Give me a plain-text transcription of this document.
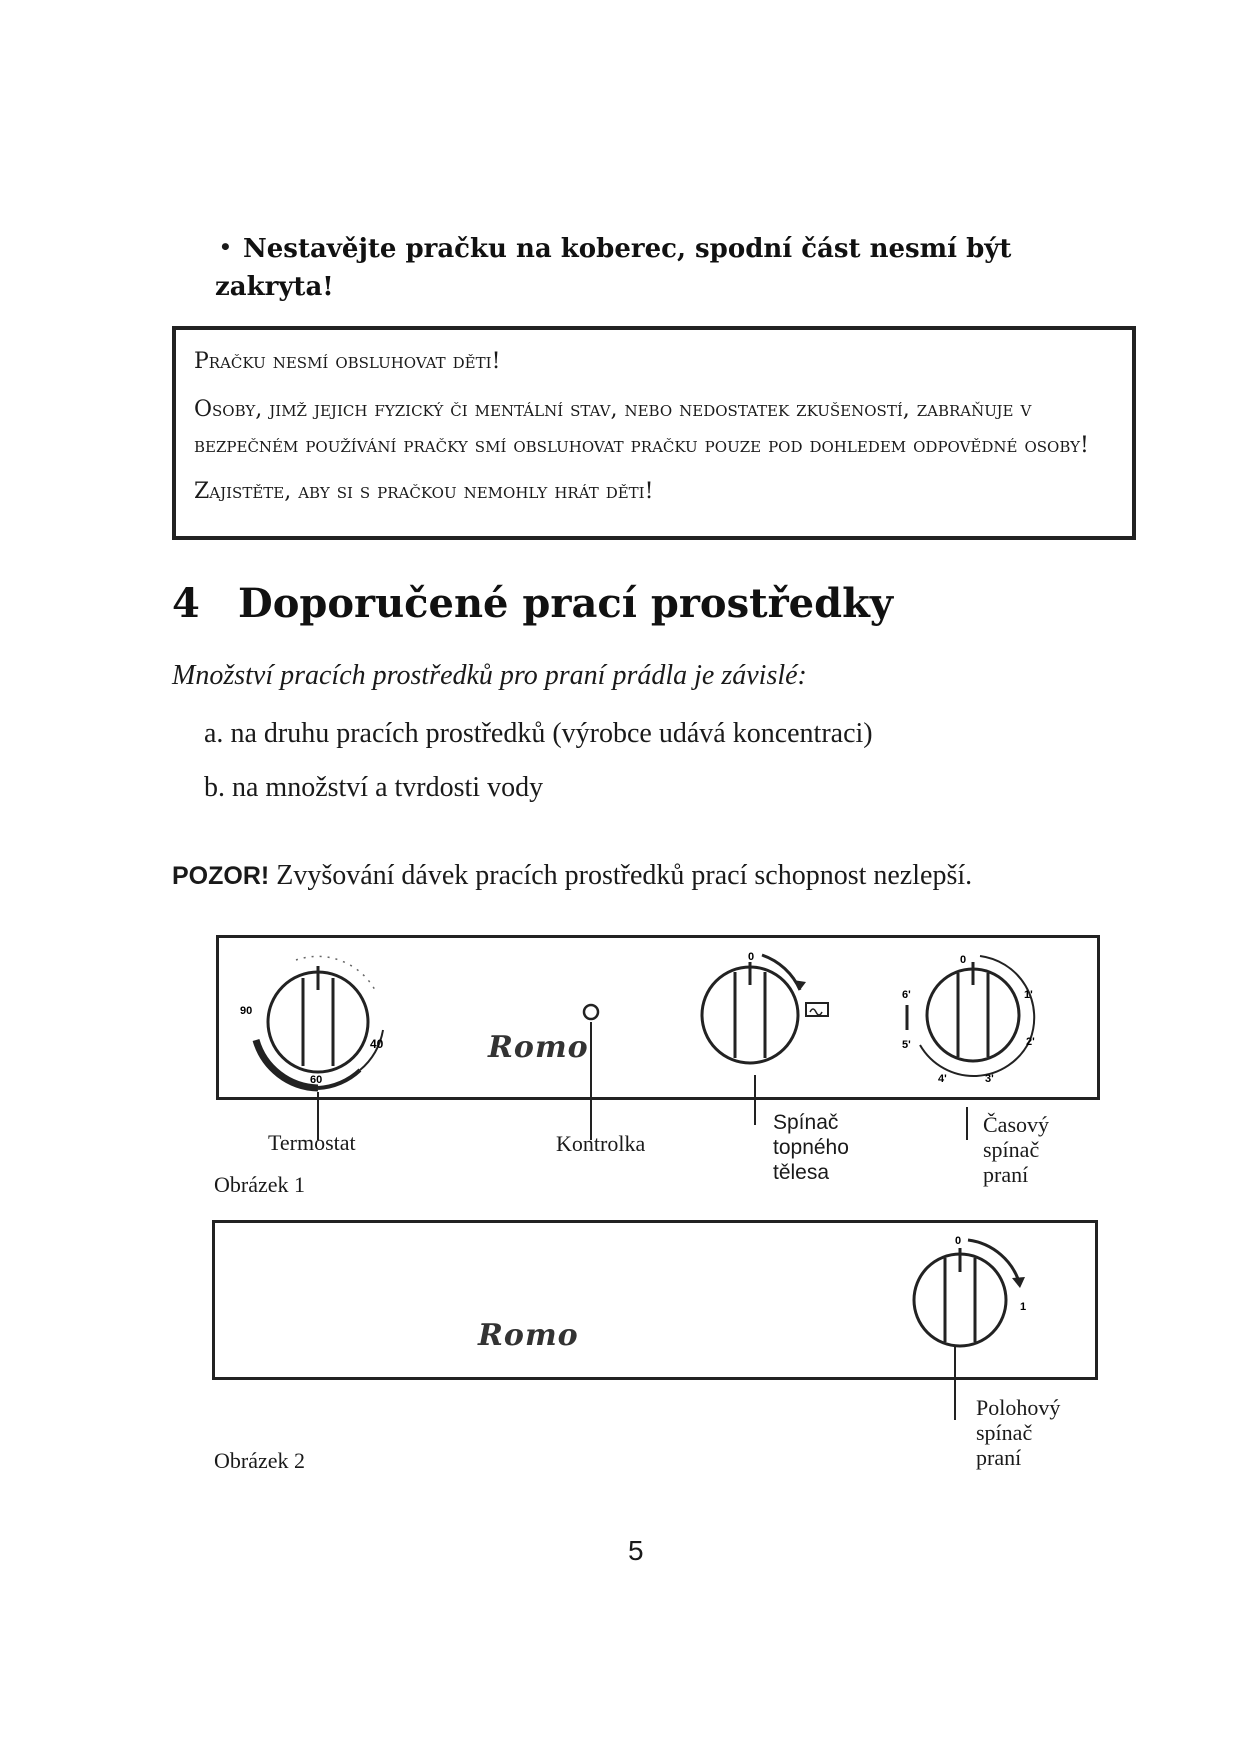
• Nestavějte pračku na koberec, spodní část nesmí být zakryta!

Pračku nesmí obsluhovat děti!

Osoby, jimž jejich fyzický či mentální stav, nebo nedostatek zkušeností, zabraňuje v bezpečném používání pračky smí obsluhovat pračku pouze pod dohledem odpovědné osoby!

Zajistěte, aby si s pračkou nemohly hrát děti!

4 Doporučené prací prostředky
Množství pracích prostředků pro praní prádla je závislé:
a. na druhu pracích prostředků (výrobce udává koncentraci)
b. na množství a tvrdosti vody
POZOR! Zvyšování dávek pracích prostředků prací schopnost nezlepší.
90
40
60
0	0
1'
2'
3'
4'
5'
6'
0
1
Romo
Termostat	Kontrolka
Spínač
topného
tělesa
Časový
spínač
praní
Obrázek 1
Romo
Polohový
spínač
praní
Obrázek 2
5
